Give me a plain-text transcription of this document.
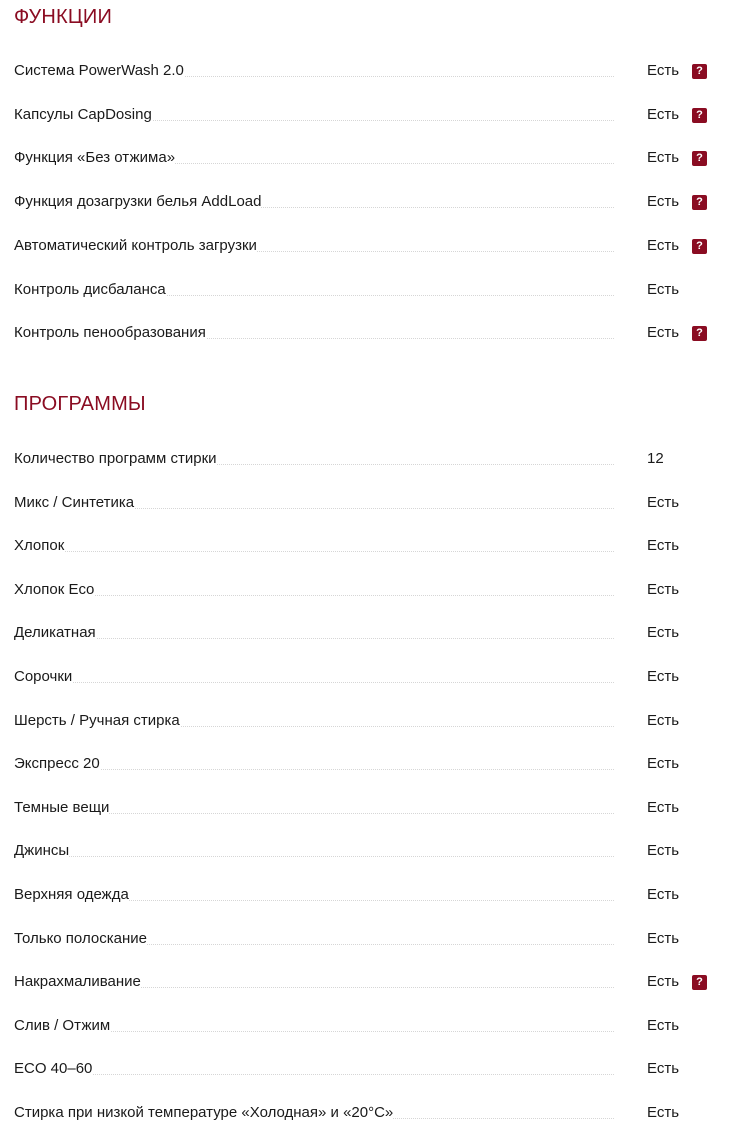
ФУНКЦИИ
Система PowerWash 2.0	Есть	?
Капсулы CapDosing	Есть	?
Функция «Без отжима»	Есть	?
Функция дозагрузки белья AddLoad	Есть	?
Автоматический контроль загрузки	Есть	?
Контроль дисбаланса	Есть
Контроль пенообразования	Есть	?
ПРОГРАММЫ
Количество программ стирки	12
Микс / Синтетика	Есть
Хлопок	Есть
Хлопок Eco	Есть
Деликатная	Есть
Сорочки	Есть
Шерсть / Ручная стирка	Есть
Экспресс 20	Есть
Темные вещи	Есть
Джинсы	Есть
Верхняя одежда	Есть
Только полоскание	Есть
Накрахмаливание	Есть	?
Слив / Отжим	Есть
ECO 40–60	Есть
Стирка при низкой температуре «Холодная» и «20°С»	Есть
